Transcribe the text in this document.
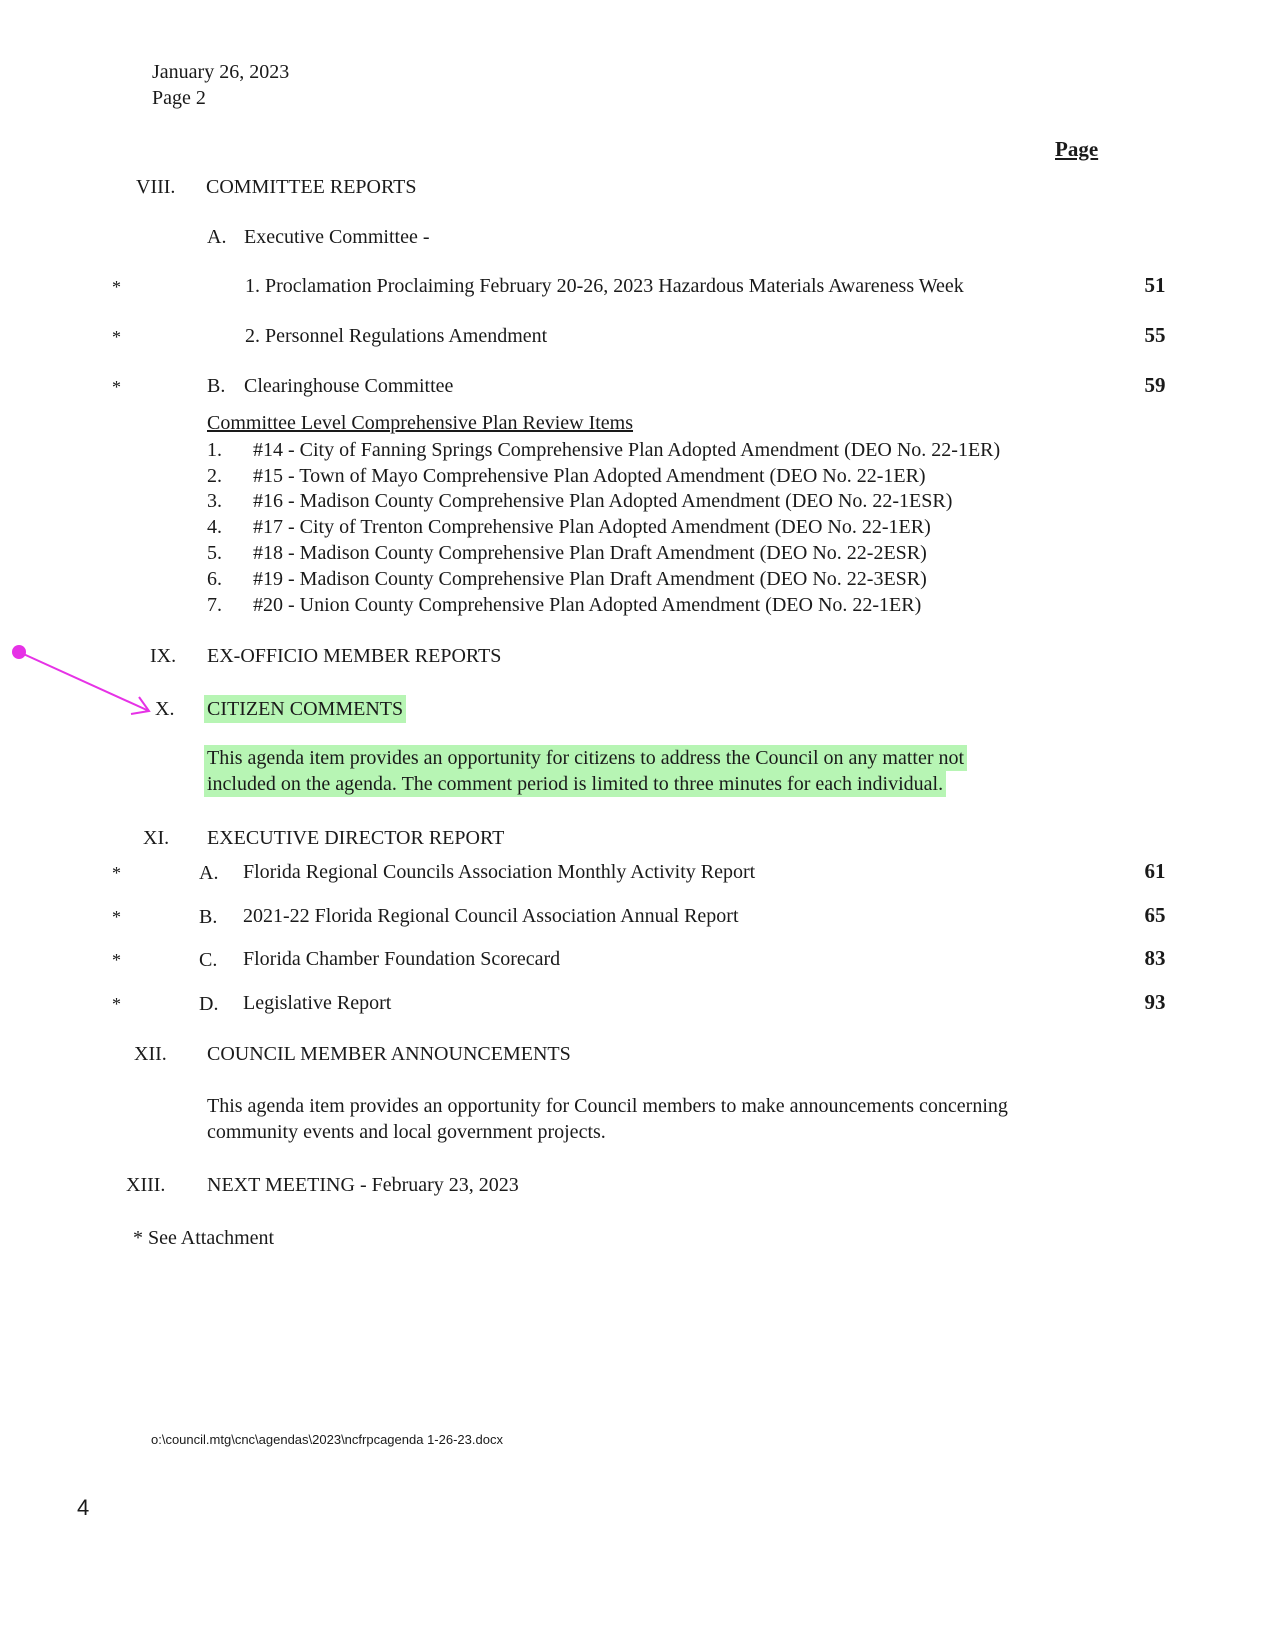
January 26, 2023
Page 2
Page
VIII. COMMITTEE REPORTS
A. Executive Committee -
*	1. Proclamation Proclaiming February 20-26, 2023 Hazardous Materials Awareness Week	51
*	2. Personnel Regulations Amendment	55
*	B. Clearinghouse Committee	59
Committee Level Comprehensive Plan Review Items
1. #14 - City of Fanning Springs Comprehensive Plan Adopted Amendment (DEO No. 22-1ER)
2. #15 - Town of Mayo Comprehensive Plan Adopted Amendment (DEO No. 22-1ER)
3. #16 - Madison County Comprehensive Plan Adopted Amendment (DEO No. 22-1ESR)
4. #17 - City of Trenton Comprehensive Plan Adopted Amendment (DEO No. 22-1ER)
5. #18 - Madison County Comprehensive Plan Draft Amendment (DEO No. 22-2ESR)
6. #19 - Madison County Comprehensive Plan Draft Amendment (DEO No. 22-3ESR)
7. #20 - Union County Comprehensive Plan Adopted Amendment (DEO No. 22-1ER)
IX. EX-OFFICIO MEMBER REPORTS
X. CITIZEN COMMENTS
This agenda item provides an opportunity for citizens to address the Council on any matter not
included on the agenda. The comment period is limited to three minutes for each individual.
XI. EXECUTIVE DIRECTOR REPORT
*	A. Florida Regional Councils Association Monthly Activity Report	61
*	B. 2021-22 Florida Regional Council Association Annual Report	65
*	C. Florida Chamber Foundation Scorecard	83
*	D. Legislative Report	93
XII. COUNCIL MEMBER ANNOUNCEMENTS
This agenda item provides an opportunity for Council members to make announcements concerning
community events and local government projects.
XIII. NEXT MEETING - February 23, 2023
* See Attachment
o:\council.mtg\cnc\agendas\2023\ncfrpcagenda 1-26-23.docx
4
